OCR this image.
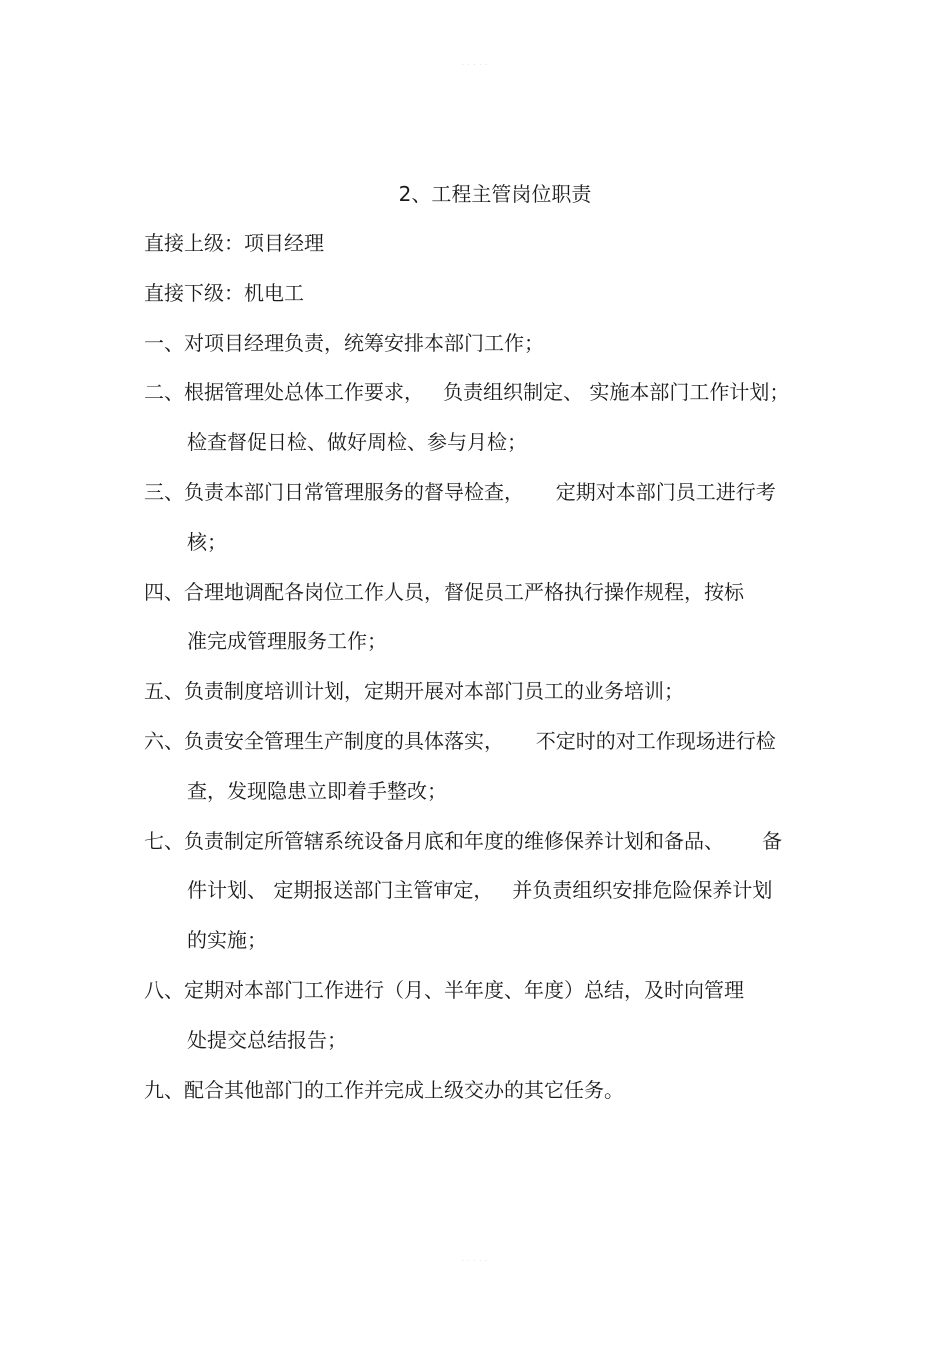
· · · · ·
2、工程主管岗位职责
直接上级：项目经理
直接下级：机电工
一、对项目经理负责，统筹安排本部门工作；
二、根据管理处总体工作要求，   负责组织制定、 实施本部门工作计划；
检查督促日检、做好周检、参与月检；
三、负责本部门日常管理服务的督导检查，     定期对本部门员工进行考
核；
四、合理地调配各岗位工作人员，督促员工严格执行操作规程，按标
准完成管理服务工作；
五、负责制度培训计划，定期开展对本部门员工的业务培训；
六、负责安全管理生产制度的具体落实，     不定时的对工作现场进行检
查，发现隐患立即着手整改；
七、负责制定所管辖系统设备月底和年度的维修保养计划和备品、      备
件计划、 定期报送部门主管审定，   并负责组织安排危险保养计划
的实施；
八、定期对本部门工作进行（月、半年度、年度）总结，及时向管理
处提交总结报告；
九、配合其他部门的工作并完成上级交办的其它任务。
· · · · ·
